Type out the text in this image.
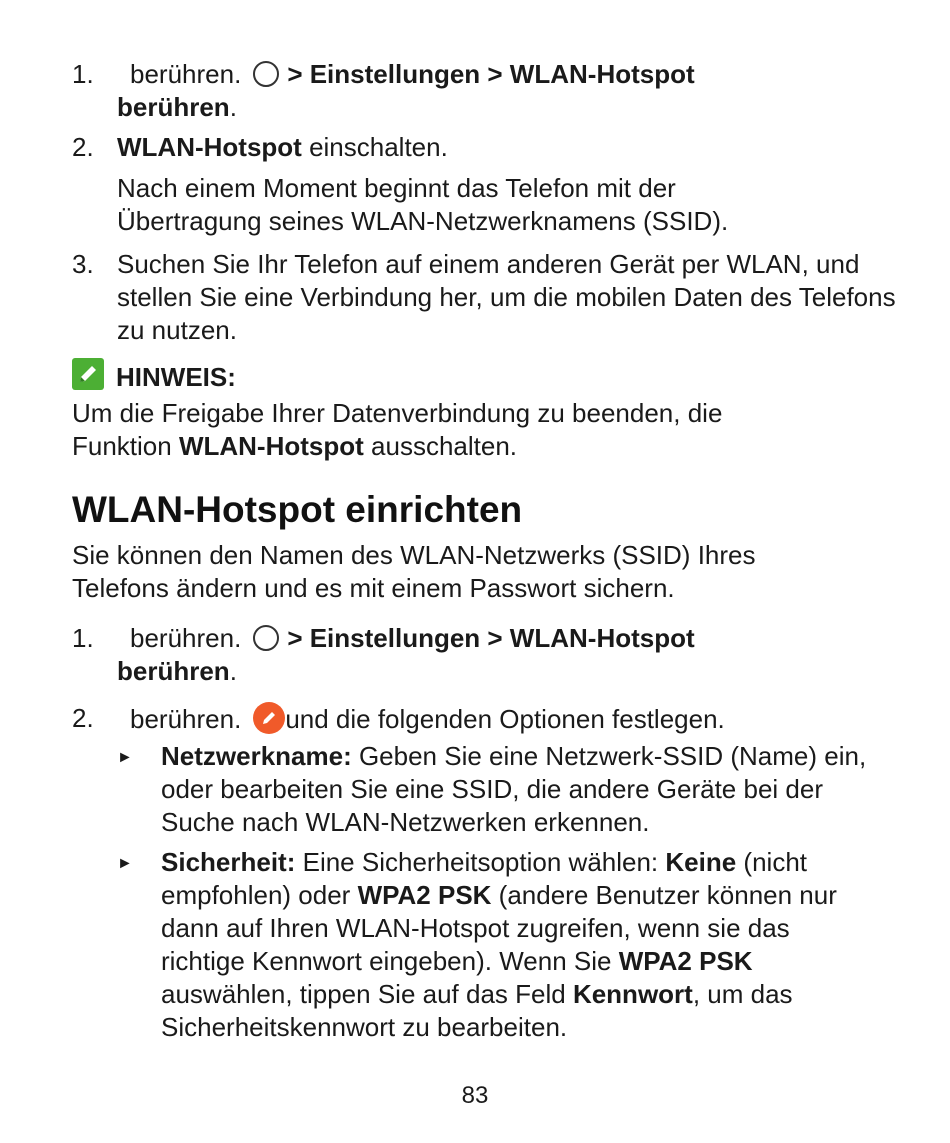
1.	berühren. > Einstellungen > WLAN-Hotspot
berühren.
2. WLAN-Hotspot einschalten.
Nach einem Moment beginnt das Telefon mit der Übertragung seines WLAN-Netzwerknamens (SSID).
3. Suchen Sie Ihr Telefon auf einem anderen Gerät per WLAN, und stellen Sie eine Verbindung her, um die mobilen Daten des Telefons zu nutzen.
HINWEIS:
Um die Freigabe Ihrer Datenverbindung zu beenden, die Funktion WLAN-Hotspot ausschalten.
WLAN-Hotspot einrichten
Sie können den Namen des WLAN-Netzwerks (SSID) Ihres Telefons ändern und es mit einem Passwort sichern.
1.	berühren. > Einstellungen > WLAN-Hotspot
berühren.
2.	berühren. und die folgenden Optionen festlegen.
► Netzwerkname: Geben Sie eine Netzwerk-SSID (Name) ein, oder bearbeiten Sie eine SSID, die andere Geräte bei der Suche nach WLAN-Netzwerken erkennen.
► Sicherheit: Eine Sicherheitsoption wählen: Keine (nicht empfohlen) oder WPA2 PSK (andere Benutzer können nur dann auf Ihren WLAN-Hotspot zugreifen, wenn sie das richtige Kennwort eingeben). Wenn Sie WPA2 PSK auswählen, tippen Sie auf das Feld Kennwort, um das Sicherheitskennwort zu bearbeiten.
83
